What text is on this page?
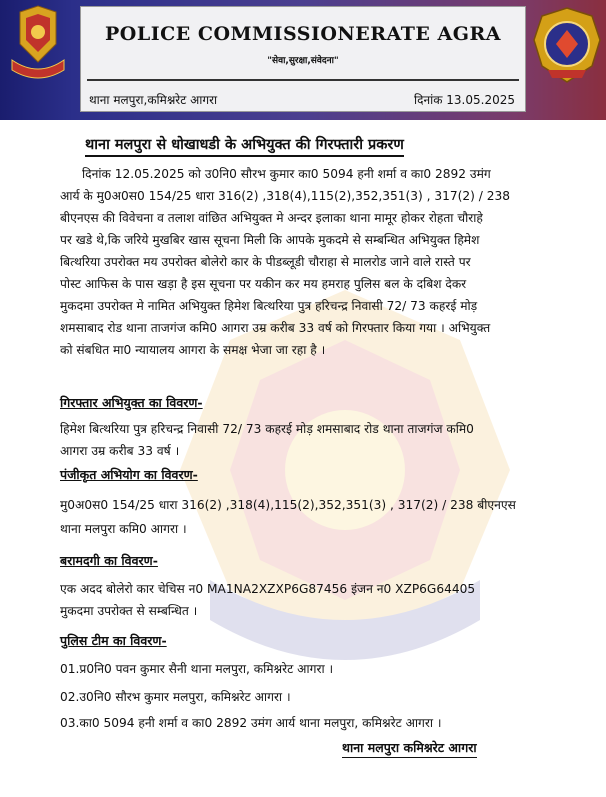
POLICE COMMISSIONERATE AGRA
"सेवा,सुरक्षा,संवेदना"
थाना मलपुरा,कमिश्नरेट आगरा	दिनांक 13.05.2025
थाना मलपुरा से धोखाधडी के अभियुक्त की गिरफ्तारी प्रकरण
दिनांक 12.05.2025 को उ0नि0 सौरभ कुमार का0 5094 हनी शर्मा व का0 2892 उमंग
आर्य के मु0अ0स0 154/25 धारा 316(2) ,318(4),115(2),352,351(3) , 317(2) / 238
बीएनएस की विवेचना व तलाश वांछित अभियुक्त मे अन्दर इलाका थाना मामूर होकर रोहता चौराहे
पर खडे थे,कि जरिये मुखबिर खास सूचना मिली कि आपके मुकदमे से सम्बन्धित अभियुक्त हिमेश
बित्थरिया उपरोक्त मय उपरोक्त बोलेरो कार के पीडब्लूडी चौराहा से मालरोड जाने वाले रास्ते पर
पोस्ट आफिस के पास खड़ा है इस सूचना पर यकीन कर मय हमराह पुलिस बल के दबिश देकर
मुकदमा उपरोक्त मे नामित अभियुक्त हिमेश बित्थरिया पुत्र हरिचन्द्र निवासी 72/ 73 कहरई मोड़
शमसाबाद रोड थाना ताजगंज कमि0 आगरा उम्र करीब 33 वर्ष को गिरफ्तार किया गया । अभियुक्त
को संबधित मा0 न्यायालय आगरा के समक्ष भेजा जा रहा है ।
गिरफ्तार अभियुक्त का विवरण-
हिमेश बित्थरिया पुत्र हरिचन्द्र निवासी 72/ 73 कहरई मोड़ शमसाबाद रोड थाना ताजगंज कमि0
आगरा उम्र करीब 33 वर्ष ।
पंजीकृत अभियोग का विवरण-
मु0अ0स0 154/25 धारा 316(2) ,318(4),115(2),352,351(3) , 317(2) / 238 बीएनएस
थाना मलपुरा कमि0 आगरा ।
बरामदगी का विवरण-
एक अदद बोलेरो कार चेचिस न0 MA1NA2XZXP6G87456 इंजन न0 XZP6G64405
मुकदमा उपरोक्त से सम्बन्धित ।
पुलिस टीम का विवरण-
01.प्र0नि0 पवन कुमार सैनी थाना मलपुरा, कमिश्नरेट आगरा ।
02.उ0नि0 सौरभ कुमार मलपुरा, कमिश्नरेट आगरा ।
03.का0 5094 हनी शर्मा व का0 2892 उमंग आर्य थाना मलपुरा, कमिश्नरेट आगरा ।
थाना मलपुरा कमिश्नरेट आगरा
